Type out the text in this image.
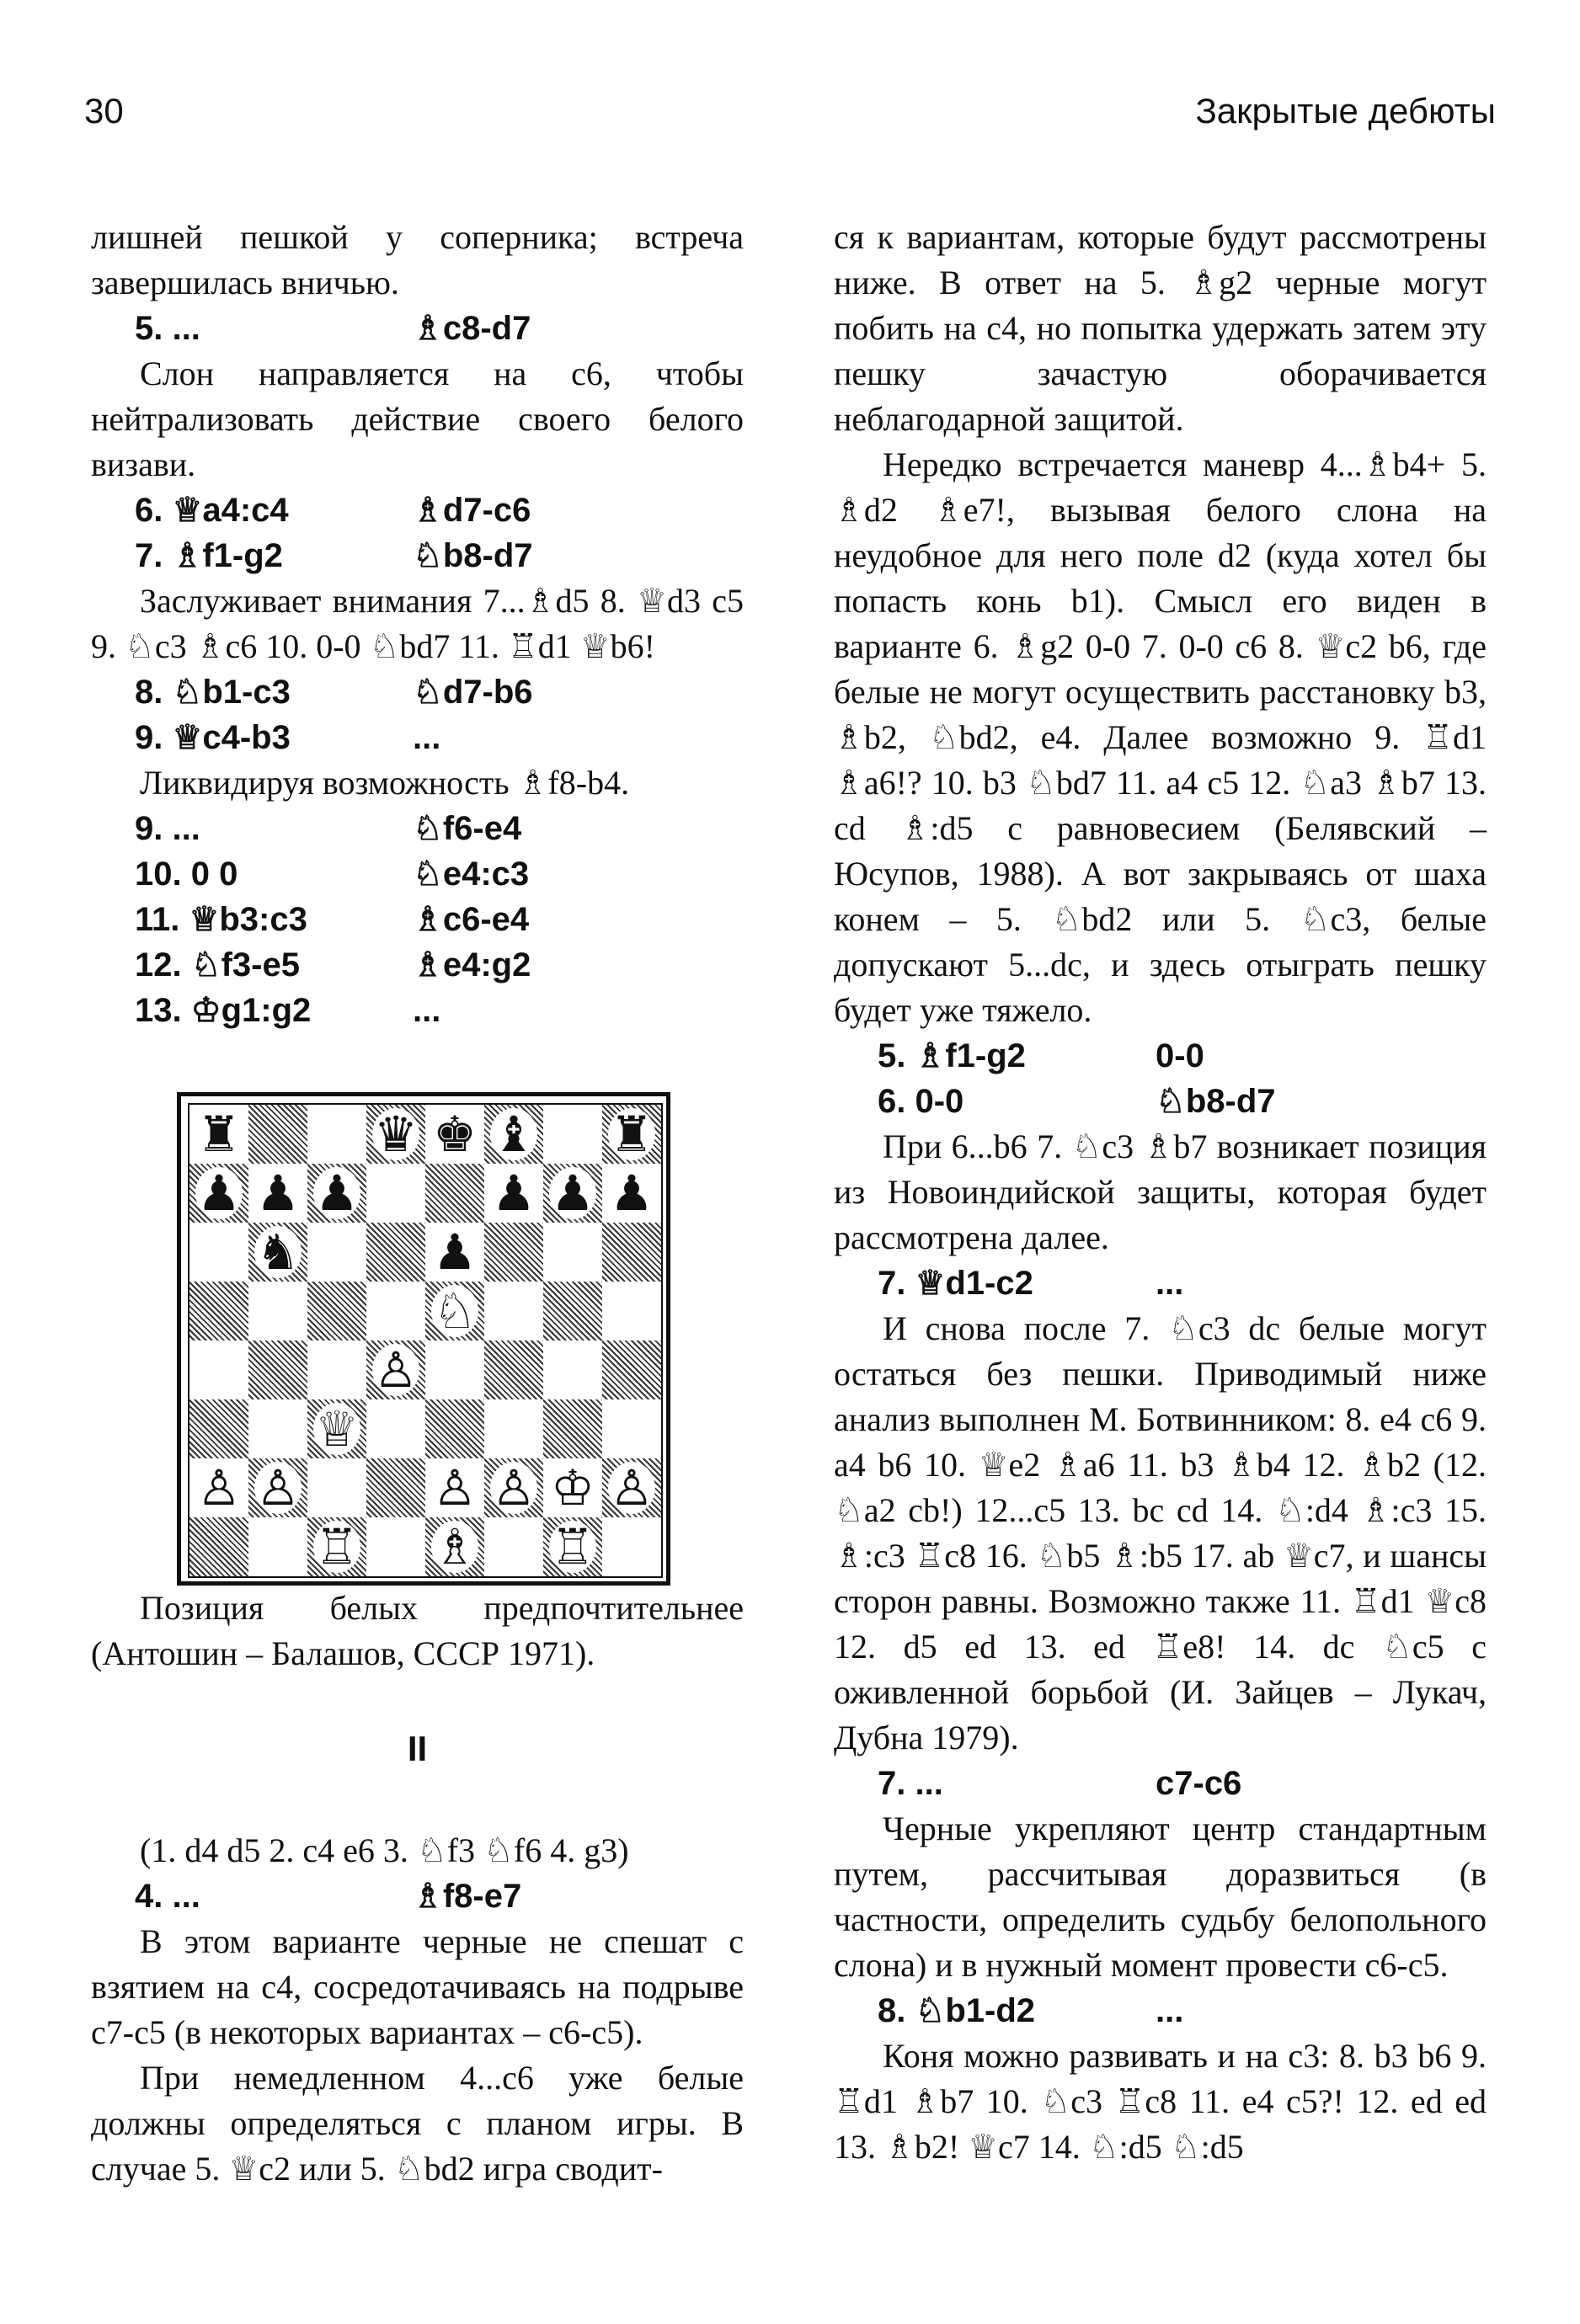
30	Закрытые дебюты

лишней пешкой у соперника; встреча завершилась вничью.

5. ...	♗c8-d7

Слон направляется на с6, чтобы нейтрализовать действие своего белого визави.

6. ♕a4:c4	♗d7-c6
7. ♗f1-g2	♘b8-d7

Заслуживает внимания 7...♗d5 8. ♕d3 c5 9. ♘c3 ♗c6 10. 0-0 ♘bd7 11. ♖d1 ♕b6!

8. ♘b1-c3	♘d7-b6
9. ♕c4-b3	...

Ликвидируя возможность ♗f8-b4.

9. ...	♘f6-e4
10. 0 0	♘e4:c3
11. ♕b3:c3	♗c6-e4
12. ♘f3-e5	♗e4:g2
13. ♔g1:g2	...
♜	♛ ♚ ♝ ♜
♟ ♟ ♟	♟ ♟ ♟
♞	♟
♘
♙
♕
♙ ♙	♙ ♙ ♔ ♙
♖ ♗ ♖

Позиция белых предпочтительнее (Антошин – Балашов, СССР 1971).

II

(1. d4 d5 2. c4 e6 3. ♘f3 ♘f6 4. g3)

4. ...	♗f8-e7

В этом варианте черные не спешат с взятием на с4, сосредотачиваясь на подрыве с7-с5 (в некоторых вариантах – с6-с5).

При немедленном 4...с6 уже белые должны определяться с планом игры. В случае 5. ♕c2 или 5. ♘bd2 игра сводит-

ся к вариантам, которые будут рассмотрены ниже. В ответ на 5. ♗g2 черные могут побить на с4, но попытка удержать затем эту пешку зачастую оборачивается неблагодарной защитой.

Нередко встречается маневр 4...♗b4+ 5. ♗d2 ♗e7!, вызывая белого слона на неудобное для него поле d2 (куда хотел бы попасть конь b1). Смысл его виден в варианте 6. ♗g2 0-0 7. 0-0 c6 8. ♕c2 b6, где белые не могут осуществить расстановку b3, ♗b2, ♘bd2, e4. Далее возможно 9. ♖d1 ♗a6!? 10. b3 ♘bd7 11. a4 c5 12. ♘a3 ♗b7 13. cd ♗:d5 с равновесием (Белявский – Юсупов, 1988). А вот закрываясь от шаха конем – 5. ♘bd2 или 5. ♘c3, белые допускают 5...dc, и здесь отыграть пешку будет уже тяжело.

5. ♗f1-g2	0-0
6. 0-0	♘b8-d7

При 6...b6 7. ♘c3 ♗b7 возникает позиция из Новоиндийской защиты, которая будет рассмотрена далее.

7. ♕d1-c2	...

И снова после 7. ♘c3 dc белые могут остаться без пешки. Приводимый ниже анализ выполнен М. Ботвинником: 8. e4 c6 9. a4 b6 10. ♕e2 ♗a6 11. b3 ♗b4 12. ♗b2 (12. ♘a2 cb!) 12...c5 13. bc cd 14. ♘:d4 ♗:c3 15. ♗:c3 ♖c8 16. ♘b5 ♗:b5 17. ab ♕c7, и шансы сторон равны. Возможно также 11. ♖d1 ♕c8 12. d5 ed 13. ed ♖e8! 14. dc ♘c5 с оживленной борьбой (И. Зайцев – Лукач, Дубна 1979).

7. ...	c7-c6

Черные укрепляют центр стандартным путем, рассчитывая доразвиться (в частности, определить судьбу белопольного слона) и в нужный момент провести с6-с5.

8. ♘b1-d2	...

Коня можно развивать и на с3: 8. b3 b6 9. ♖d1 ♗b7 10. ♘c3 ♖c8 11. e4 c5?! 12. ed ed 13. ♗b2! ♕c7 14. ♘:d5 ♘:d5
